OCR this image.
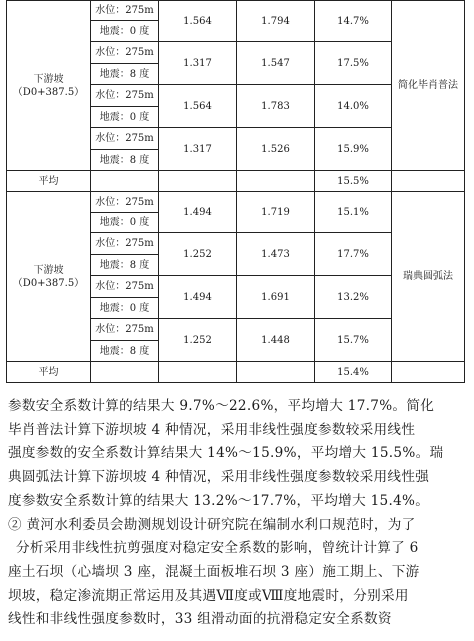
下游坡
（D0+387.5）	水位：275m	1.564	1.794	14.7%	简化毕肖普法
	地震：0 度				
	水位：275m	1.317	1.547	17.5%	
	地震：8 度				
	水位：275m	1.564	1.783	14.0%	
	地震：0 度				
	水位：275m	1.317	1.526	15.9%	
	地震：8 度				
平均				15.5%	

下游坡
（D0+387.5）	水位：275m	1.494	1.719	15.1%	瑞典圆弧法
	地震：0 度				
	水位：275m	1.252	1.473	17.7%	
	地震：8 度				
	水位：275m	1.494	1.691	13.2%	
	地震：0 度				
	水位：275m	1.252	1.448	15.7%	
	地震：8 度				
平均				15.4%	
参数安全系数计算的结果大 9.7%～22.6%，平均增大 17.7%。简化
毕肖普法计算下游坝坡 4 种情况，采用非线性强度参数较采用线性
强度参数的安全系数计算结果大 14%～15.9%，平均增大 15.5%。瑞
典圆弧法计算下游坝坡 4 种情况，采用非线性强度参数较采用线性强
度参数安全系数计算的结果大 13.2%～17.7%，平均增大 15.4%。
② 黄河水利委员会勘测规划设计研究院在编制水利口规范时，为了
分析采用非线性抗剪强度对稳定安全系数的影响，曾统计计算了 6
座土石坝（心墙坝 3 座，混凝土面板堆石坝 3 座）施工期上、下游
坝坡，稳定渗流期正常运用及其遇Ⅶ度或Ⅷ度地震时，分别采用
线性和非线性强度参数时，33 组滑动面的抗滑稳定安全系数资
